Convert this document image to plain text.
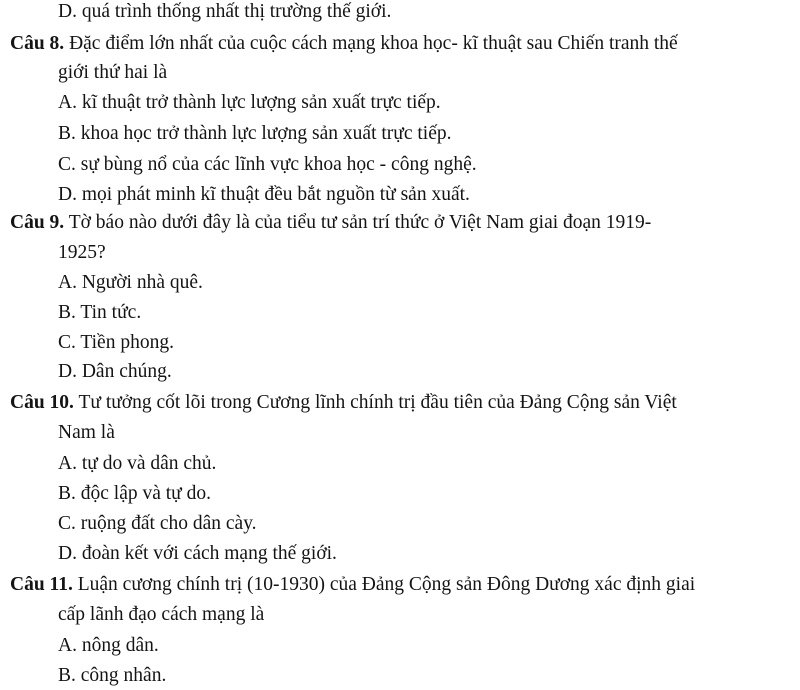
D. quá trình thống nhất thị trường thế giới.
Câu 8. Đặc điểm lớn nhất của cuộc cách mạng khoa học- kĩ thuật sau Chiến tranh thế
giới thứ hai là
A. kĩ thuật trở thành lực lượng sản xuất trực tiếp.
B. khoa học trở thành lực lượng sản xuất trực tiếp.
C. sự bùng nổ của các lĩnh vực khoa học - công nghệ.
D. mọi phát minh kĩ thuật đều bắt nguồn từ sản xuất.
Câu 9. Tờ báo nào dưới đây là của tiểu tư sản trí thức ở Việt Nam giai đoạn 1919-
1925?
A. Người nhà quê.
B. Tin tức.
C. Tiền phong.
D. Dân chúng.
Câu 10. Tư tưởng cốt lõi trong Cương lĩnh chính trị đầu tiên của Đảng Cộng sản Việt
Nam là
A. tự do và dân chủ.
B. độc lập và tự do.
C. ruộng đất cho dân cày.
D. đoàn kết với cách mạng thế giới.
Câu 11. Luận cương chính trị (10-1930) của Đảng Cộng sản Đông Dương xác định giai
cấp lãnh đạo cách mạng là
A. nông dân.
B. công nhân.
